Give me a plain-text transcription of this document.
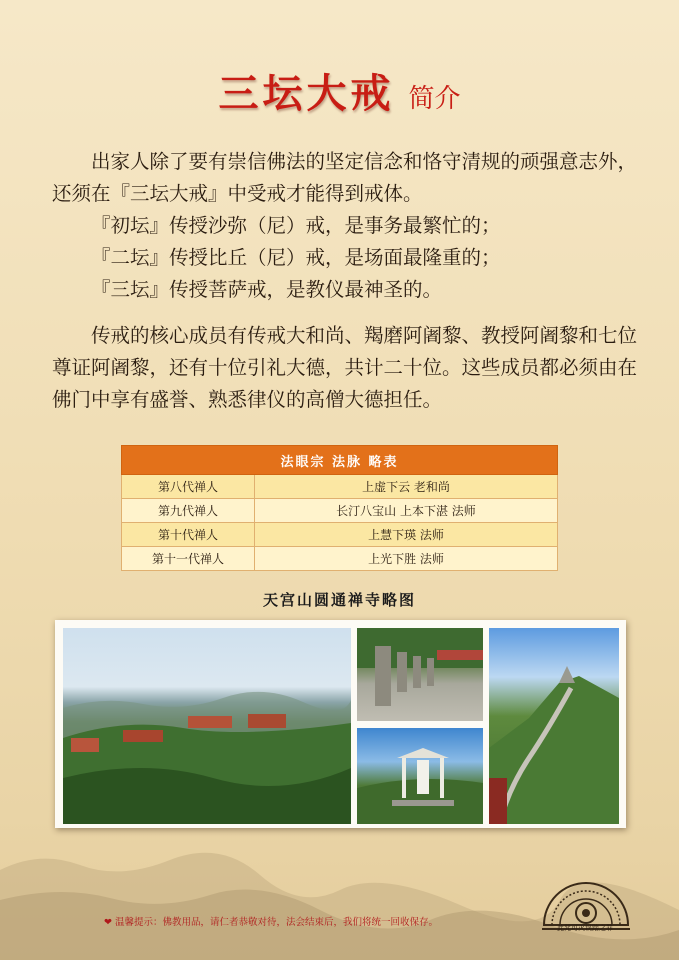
三坛大戒 简介

出家人除了要有崇信佛法的坚定信念和恪守清规的顽强意志外，还须在『三坛大戒』中受戒才能得到戒体。

『初坛』传授沙弥（尼）戒，是事务最繁忙的；

『二坛』传授比丘（尼）戒，是场面最隆重的；

『三坛』传授菩萨戒，是教仪最神圣的。

传戒的核心成员有传戒大和尚、羯磨阿阇黎、教授阿阇黎和七位尊证阿阇黎，还有十位引礼大德，共计二十位。这些成员都必须由在佛门中享有盛誉、熟悉律仪的高僧大德担任。

法眼宗 法脉 略表	
第八代禅人	上虚下云 老和尚
第九代禅人	长汀八宝山 上本下湛 法师
第十代禅人	上慧下瑛 法师
第十一代禅人	上光下胜 法师
天宫山圆通禅寺略图
❤ 温馨提示：佛教用品，请仁者恭敬对待，法会结束后，我们将统一回收保存。	此咒可灭误踏之罪
